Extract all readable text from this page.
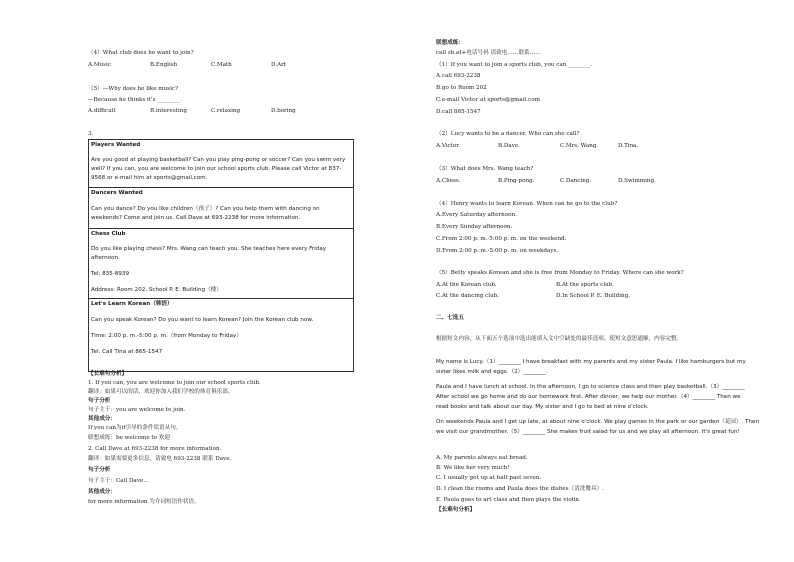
（4）What club does he want to join?
A.Music	B.English	C.Math	D.Art
（5）—Why does he like music?
—Because he thinks it's ________.
A.difficult	B.interesting	C.relaxing	D.boring
3.
Players Wanted
Are you good at playing basketball? Can you play ping-pong or soccer? Can you swim very
well? If you can, you are welcome to join our school sports club. Please call Victor at 837-
9568 or e-mail him at sports@gmail.com.
Dancers Wanted
Can you dance? Do you like children（孩子）? Can you help them with dancing on
weekends? Come and join us. Call Dave at 693-2238 for more information.
Chess Club
Do you like playing chess? Mrs. Wang can teach you. She teaches here every Friday
afternoon.
Tel: 835-8939
Address: Room 202, School P. E. Building（楼）
Let's Learn Korean（韩语）
Can you speak Korean? Do you want to learn Korean? Join the Korean club now.
Time: 2:00 p. m.-5:00 p. m.（from Monday to Friday）
Tel: Call Tina at 865-1547
【长难句分析】
1. If you can, you are welcome to join our school sports club.
翻译：如果可以的话，欢迎你加入我们学校的体育俱乐部。
句子分析
句子主干：you are welcome to join.
其他成分：
If you can为if引导的条件状语从句。
联想成练：be welcome to 欢迎
2. Call Dave at 693-2238 for more information.
翻译：如果需要更多信息，请致电 693-2238 联系 Dave。
句子分析
句子主干：Call Dave...
其他成分：
for more information 为介词短语作状语。
联想成练：
call sb.at+电话号码 请致电……联系……
（1）If you want to join a sports club, you can ________.
A.call 693-2238
B.go to Room 202
C.e-mail Victor at sports@gmail.com
D.call 865-1547
（2）Lucy wants to be a dancer. Who can she call?
A.Victor.	B.Dave.	C.Mrs. Wang.	D.Tina.
（3）What does Mrs. Wang teach?
A.Chess.	B.Ping-pong.	C.Dancing.	D.Swimming.
（4）Henry wants to learn Korean. When can he go to the club?
A.Every Saturday afternoon.
B.Every Sunday afternoon.
C.From 2:00 p. m.-5:00 p. m. on the weekend.
D.From 2:00 p. m.-5:00 p. m. on weekdays.
（5）Betty speaks Korean and she is free from Monday to Friday. Where can she work?
A.At the Korean club.	B.At the sports club.
C.At the dancing club.	D.In School P. E. Building.
二、七选五
根据短文内容，从下面五个选项中选出能填入文中空缺处的最佳选项。使短文意思通顺，内容完整。
My name is Lucy.（1）________ I have breakfast with my parents and my sister Paula. I like hamburgers but my
sister likes milk and eggs.（2）________.
Paula and I have lunch at school. In the afternoon, I go to science class and then play basketball.（3）________
After school we go home and do our homework first. After dinner, we help our mother.（4）________ Then we
read books and talk about our day. My sister and I go to bed at nine o'clock.
On weekends Paula and I get up late, at about nine o'clock. We play games in the park or our garden（花园）. Then
we visit our grandmother.（5）________ She makes fruit salad for us and we play all afternoon. It's great fun!
A. My parents always eat bread.
B. We like her very much!
C. I usually get up at half past seven.
D. I clean the rooms and Paula does the dishes（清洗餐具）.
E. Paula goes to art class and then plays the violin.
【长难句分析】
